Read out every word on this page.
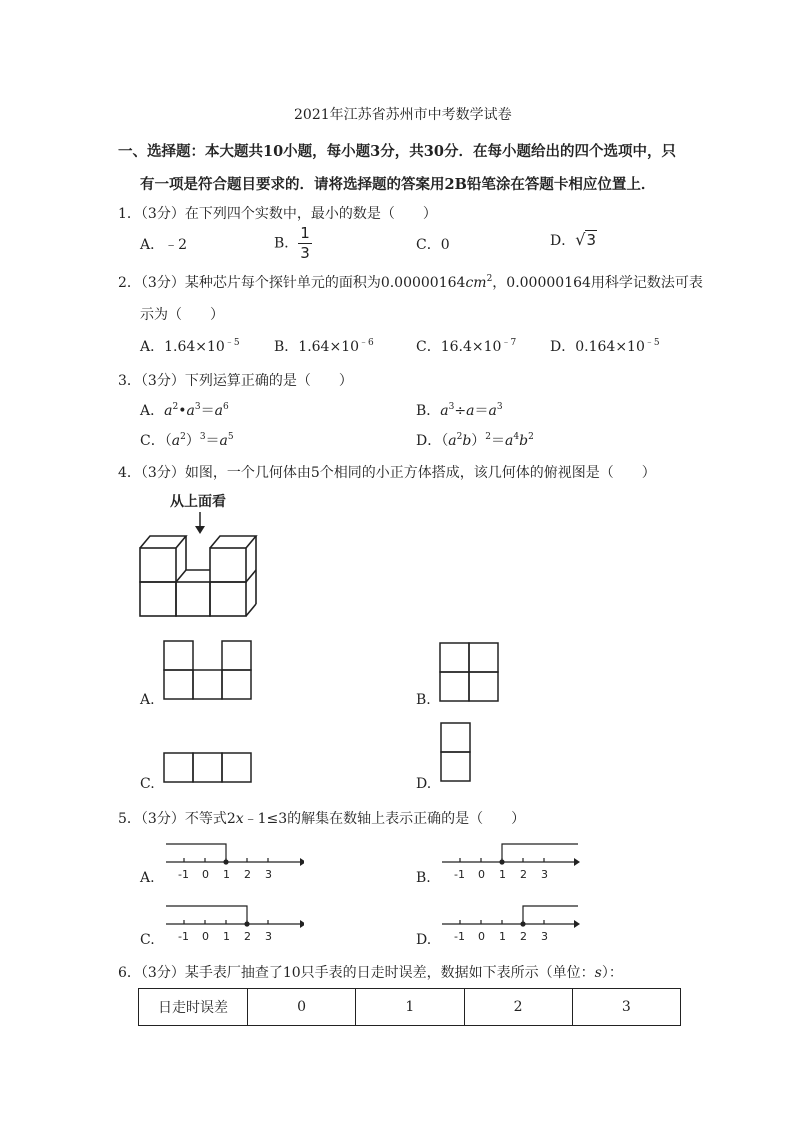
2021年江苏省苏州市中考数学试卷
一、选择题：本大题共10小题，每小题3分，共30分．在每小题给出的四个选项中，只
有一项是符合题目要求的．请将选择题的答案用2B铅笔涂在答题卡相应位置上．
1．（3分）在下列四个实数中，最小的数是（　　）
A．﹣2	B． $\frac{1}{3}$	C．0	D．√3
2．（3分）某种芯片每个探针单元的面积为$0.00000164cm^2$，0.00000164用科学记数法可表
示为（　　）
A．$1.64\times 10^{﹣5}$ B．$1.64\times 10^{﹣6}$	C．$16.4\times 10^{﹣7}$ D．$0.164\times 10^{﹣5}$
3．（3分）下列运算正确的是（　　）
A．$a^2•a^3=a^6$	B．$a^3\div a=a^3$
C．$(a^2)^3=a^5$	D．$(a^2b)^2=a^4b^2$
4．（3分）如图，一个几何体由5个相同的小正方体搭成，该几何体的俯视图是（　　）
从上面看
A.	B.
C.	D.
5．（3分）不等式2x﹣1≤3的解集在数轴上表示正确的是（　　）
A. -1 0 1 2 3	B. -1 0 1 2 3
C. -1 0 1 2 3	D. -1 0 1 2 3
6．（3分）某手表厂抽查了10只手表的日走时误差，数据如下表所示（单位：s）：
日走时误差	0	1	2	3
